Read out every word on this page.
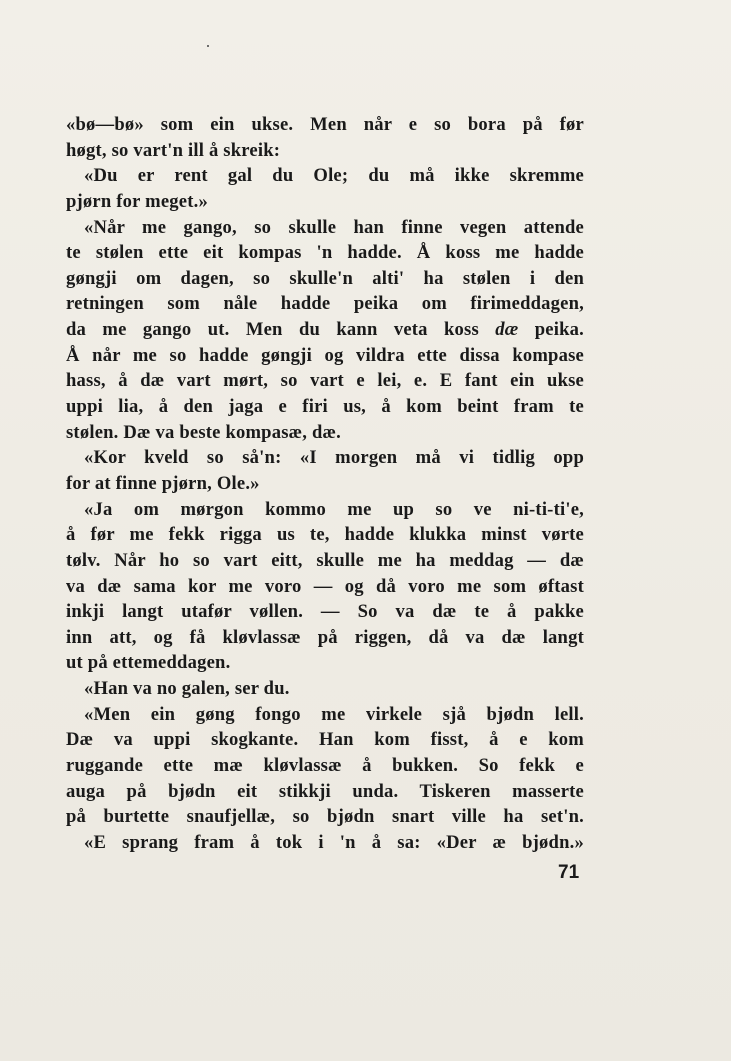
«bø—bø» som ein ukse. Men når e so bora på før
høgt, so vart'n ill å skreik:
«Du er rent gal du Ole; du må ikke skremme
pjørn for meget.»
«Når me gango, so skulle han finne vegen attende
te stølen ette eit kompas 'n hadde. Å koss me hadde
gøngji om dagen, so skulle'n alti' ha stølen i den
retningen som nåle hadde peika om firimeddagen,
da me gango ut. Men du kann veta koss dæ peika.
Å når me so hadde gøngji og vildra ette dissa kompase
hass, å dæ vart mørt, so vart e lei, e. E fant ein ukse
uppi lia, å den jaga e firi us, å kom beint fram te
stølen. Dæ va beste kompasæ, dæ.
«Kor kveld so så'n: «I morgen må vi tidlig opp
for at finne pjørn, Ole.»
«Ja om mørgon kommo me up so ve ni-ti-ti'e,
å før me fekk rigga us te, hadde klukka minst vørte
tølv. Når ho so vart eitt, skulle me ha meddag — dæ
va dæ sama kor me voro — og då voro me som øftast
inkji langt utafør vøllen. — So va dæ te å pakke
inn att, og få kløvlassæ på riggen, då va dæ langt
ut på ettemeddagen.
«Han va no galen, ser du.
«Men ein gøng fongo me virkele sjå bjødn lell.
Dæ va uppi skogkante. Han kom fisst, å e kom
ruggande ette mæ kløvlassæ å bukken. So fekk e
auga på bjødn eit stikkji unda. Tiskeren masserte
på burtette snaufjellæ, so bjødn snart ville ha set'n.
«E sprang fram å tok i 'n å sa: «Der æ bjødn.»
71
